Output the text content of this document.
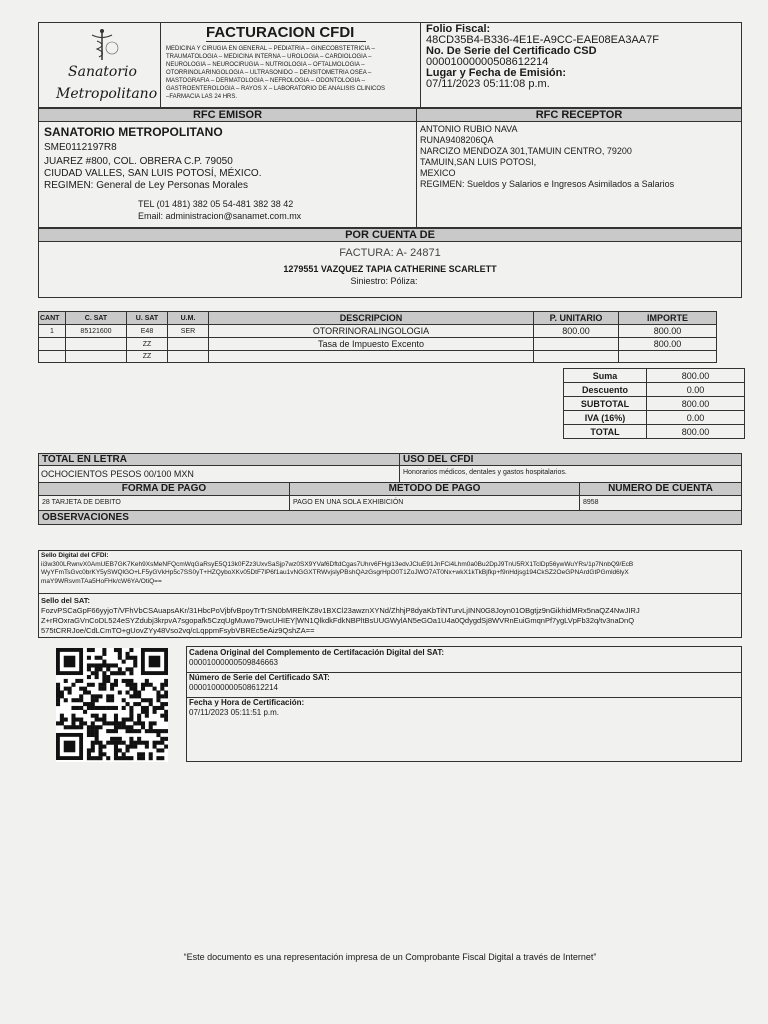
Sanatorio
Metropolitano
FACTURACION CFDI
MEDICINA Y CIRUGIA EN GENERAL – PEDIATRIA – GINECOBSTETRICIA –
TRAUMATOLOGIA – MEDICINA INTERNA – UROLOGIA – CARDIOLOGIA –
NEUROLOGIA – NEUROCIRUGIA – NUTRIOLOGIA – OFTALMOLOGIA –
OTORRINOLARINGOLOGIA – ULTRASONIDO – DENSITOMETRIA OSEA –
MASTOGRAFIA – DERMATOLOGIA – NEFROLOGIA – ODONTOLOGIA –
GASTROENTEROLOGIA – RAYOS X – LABORATORIO DE ANALISIS CLINICOS
–FARMACIA LAS 24 HRS.
Folio Fiscal:
48CD35B4-B336-4E1E-A9CC-EAE08EA3AA7F
No. De Serie del Certificado CSD
00001000000508612214
Lugar y Fecha de Emisión:
07/11/2023 05:11:08 p.m.
RFC EMISOR	RFC RECEPTOR
SANATORIO METROPOLITANO
SME0112197R8
JUAREZ #800, COL. OBRERA C.P. 79050
CIUDAD VALLES, SAN LUIS POTOSÍ, MÉXICO.
REGIMEN: General de Ley Personas Morales
TEL (01 481) 382 05 54-481 382 38 42
Email: administracion@sanamet.com.mx
ANTONIO RUBIO NAVA
RUNA9408206QA
NARCIZO MENDOZA 301,TAMUIN CENTRO, 79200
TAMUIN,SAN LUIS POTOSI,
MEXICO
REGIMEN: Sueldos y Salarios e Ingresos Asimilados a Salarios
POR CUENTA DE
FACTURA: A- 24871
1279551 VAZQUEZ TAPIA CATHERINE SCARLETT
Siniestro: Póliza:
CANT	C. SAT	U. SAT	U.M.	DESCRIPCION	P. UNITARIO	IMPORTE
1	85121600	E48	SER	OTORRINORALINGOLOGIA	800.00	800.00
		ZZ		Tasa de Impuesto Excento		800.00
		ZZ				
Suma	800.00
Descuento	0.00
SUBTOTAL	800.00
IVA (16%)	0.00
TOTAL	800.00
TOTAL EN LETRA	USO DEL CFDI
OCHOCIENTOS PESOS 00/100 MXN	Honorarios médicos, dentales y gastos hospitalarios.
FORMA DE PAGO	METODO DE PAGO	NUMERO DE CUENTA
28 TARJETA DE DEBITO	PAGO EN UNA SOLA EXHIBICIÓN	8958
OBSERVACIONES
Sello Digital del CFDI:
ii3w300LRwnvX0AmUEB7GK7Keh9XsMeNFQcmWqGaRsyE5Q13k0FZz3UxvSaSjp7wz0SX9YVaf6DftdCgas7Uhrv6FHgi13edvJCluE91JnFCi4Lhm0a0Bu2DpJ9TnU5RX1TclDp56ywWuYRs/1p7NnbQ9/EcB
WyYFmTsGvc0brKY5ySWQlGO+LF5yGVkHp5c7SS0yT+HZQyboXKv05DtF7lP6f1au1vNGGXTRWvjslyPBshQAzGsgrHpO0T1ZoJWO7AT0Nx+wkX1kTkBjfkp+f9nHdjsg194CkSZ2OeGPNArdGtPGmld6lyX
maY9WRsvmTAa5HoFHk/cW6YA/OtiQ==
Sello del SAT:
FozvPSCaGpF66yyjoT/VFhVbCSAuapsAKr/31HbcPoVjbfvBpoyTrTrSN0bMREfKZ8v1BXCl23awznXYNd/ZhhjP8dyaKbTiNTurvLjINN0G8Joyn01OBgtjz9nGikhidMRx5naQZ4NwJIRJ
Z+rROxraGVnCoDL524eSYZdubj3krpvA7sgopafk5CzqUgMuwo79wcUHIEY|WN1QlkdkFdkNBPltBsUUGWylAN5eGOa1U4a0QdygdSj8WVRnEuiGmqnPf7ygLVpFb32q/tv3naDnQ
575tCRRJoe/CdLCmTO+gUovZYy48Vso2vq/cLqppmFsybVBREc5eAiz9QshZA==
Cadena Original del Complemento de Certifacación Digital del SAT:
00001000000509846663
Número de Serie del Certificado SAT:
00001000000508612214
Fecha y Hora de Certificación:
07/11/2023 05:11:51 p.m.
“Este documento es una representación impresa de un Comprobante Fiscal Digital a través de Internet”
